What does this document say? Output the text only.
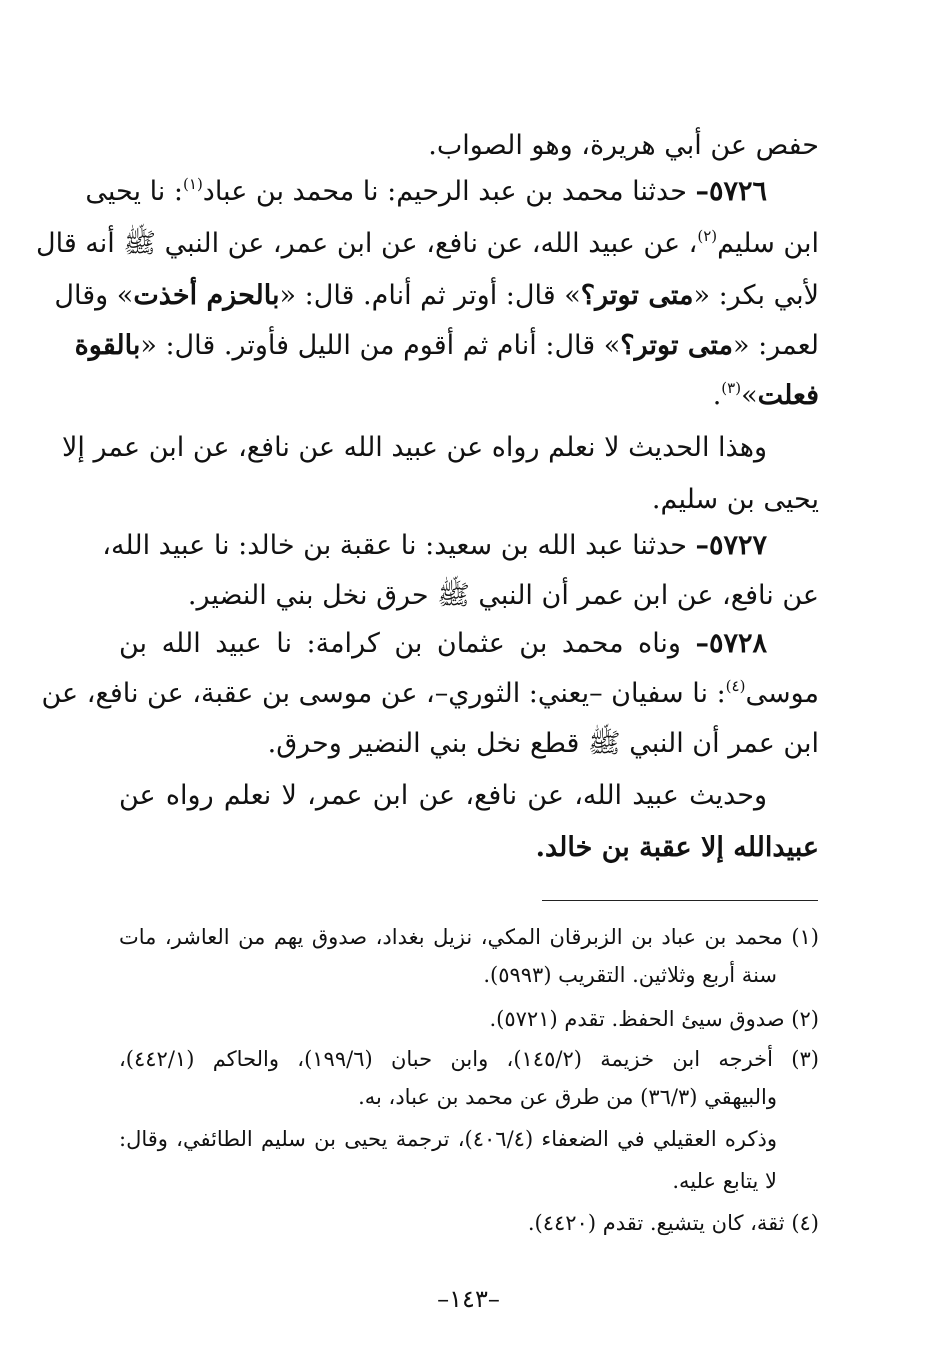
حفص عن أبي هريرة، وهو الصواب.
٥٧٢٦– حدثنا محمد بن عبد الرحيم: نا محمد بن عباد$^{(١)}$: نا يحيى
ابن سليم$^{(٢)}$، عن عبيد الله، عن نافع، عن ابن عمر، عن النبي ﷺ أنه قال
لأبي بكر: «متى توتر؟» قال: أوتر ثم أنام. قال: «بالحزم أخذت» وقال
لعمر: «متى توتر؟» قال: أنام ثم أقوم من الليل فأوتر. قال: «بالقوة
فعلت»$^{(٣)}$.
وهذا الحديث لا نعلم رواه عن عبيد الله عن نافع، عن ابن عمر إلا
يحيى بن سليم.
٥٧٢٧– حدثنا عبد الله بن سعيد: نا عقبة بن خالد: نا عبيد الله،
عن نافع، عن ابن عمر أن النبي ﷺ حرق نخل بني النضير.
٥٧٢٨– وناه محمد بن عثمان بن كرامة: نا عبيد الله بن
موسى$^{(٤)}$: نا سفيان –يعني: الثوري–، عن موسى بن عقبة، عن نافع، عن
ابن عمر أن النبي ﷺ قطع نخل بني النضير وحرق.
وحديث عبيد الله، عن نافع، عن ابن عمر، لا نعلم رواه عن
عبيدالله إلا عقبة بن خالد.
(١) محمد بن عباد بن الزبرقان المكي، نزيل بغداد، صدوق يهم من العاشر، مات
سنة أربع وثلاثين. التقريب (٥٩٩٣).
(٢) صدوق سيئ الحفظ. تقدم (٥٧٢١).
(٣) أخرجه ابن خزيمة (١٤٥/٢)، وابن حبان (١٩٩/٦)، والحاكم (٤٤٢/١)،
والبيهقي (٣٦/٣) من طرق عن محمد بن عباد، به.
وذكره العقيلي في الضعفاء (٤٠٦/٤)، ترجمة يحيى بن سليم الطائفي، وقال:
لا يتابع عليه.
(٤) ثقة، كان يتشيع. تقدم (٤٤٢٠).
–١٤٣–
